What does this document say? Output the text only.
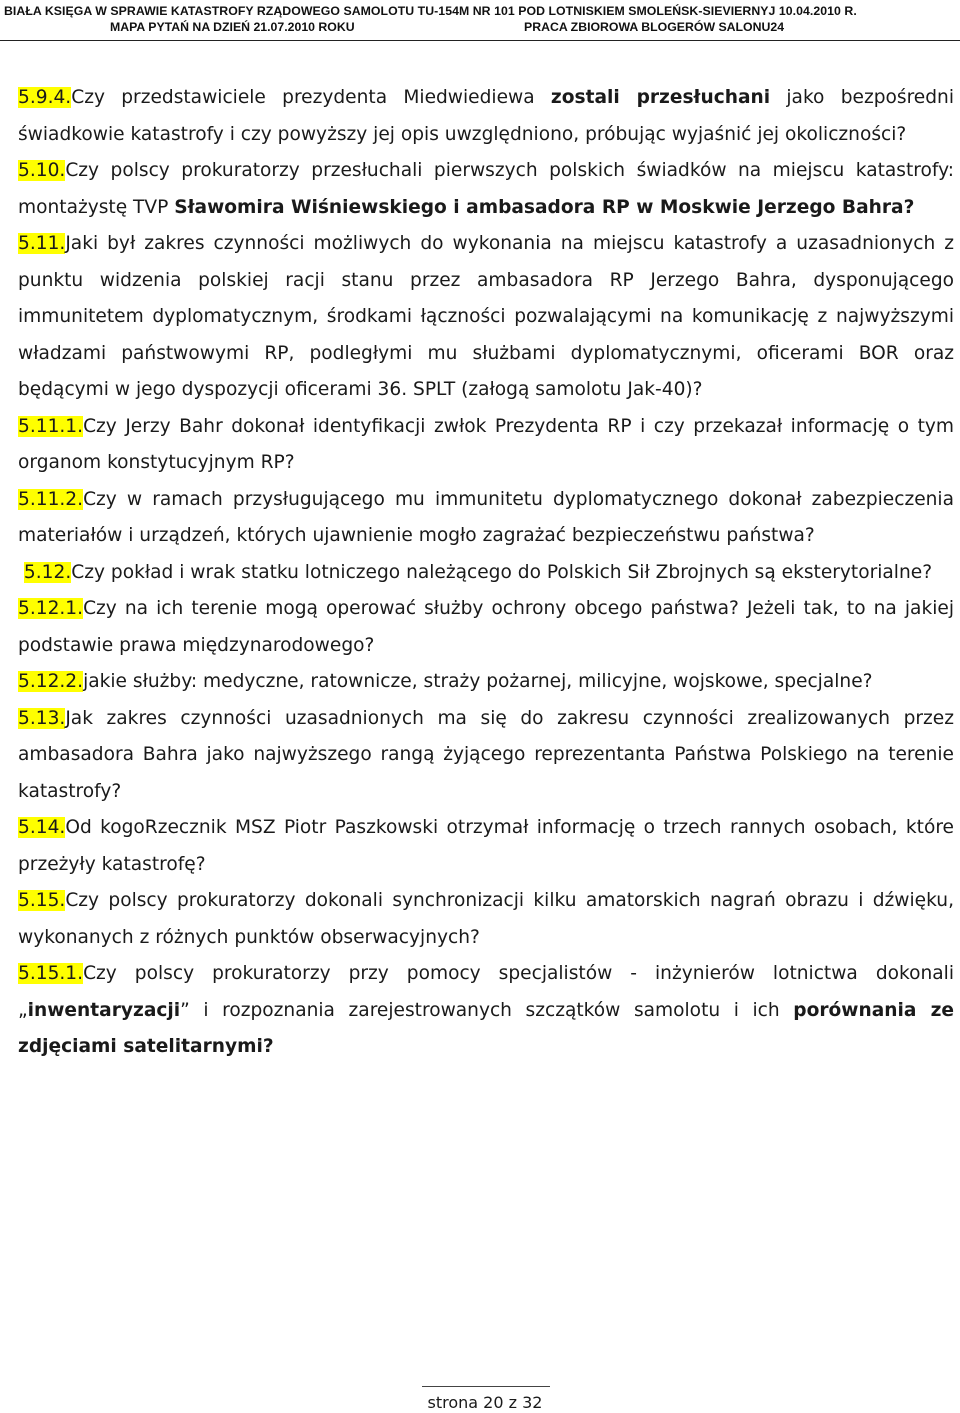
BIAŁA KSIĘGA W SPRAWIE KATASTROFY RZĄDOWEGO SAMOLOTU TU-154M NR 101 POD LOTNISKIEM SMOLEŃSK-SIEVIERNYJ 10.04.2010 R.
MAPA PYTAŃ NA DZIEŃ 21.07.2010 ROKU	PRACA ZBIOROWA BLOGERÓW SALONU24

5.9.4.Czy przedstawiciele prezydenta Miedwiediewa zostali przesłuchani jako bezpośredni świadkowie katastrofy i czy powyższy jej opis uwzględniono, próbując wyjaśnić jej okoliczności?

5.10.Czy polscy prokuratorzy przesłuchali pierwszych polskich świadków na miejscu katastrofy: montażystę TVP Sławomira Wiśniewskiego i ambasadora RP w Moskwie Jerzego Bahra?

5.11.Jaki był zakres czynności możliwych do wykonania na miejscu katastrofy a uzasadnionych z punktu widzenia polskiej racji stanu przez ambasadora RP Jerzego Bahra, dysponującego immunitetem dyplomatycznym, środkami łączności pozwalającymi na komunikację z najwyższymi władzami państwowymi RP, podległymi mu służbami dyplomatycznymi, oficerami BOR oraz będącymi w jego dyspozycji oficerami 36. SPLT (załogą samolotu Jak-40)?

5.11.1.Czy Jerzy Bahr dokonał identyfikacji zwłok Prezydenta RP i czy przekazał informację o tym organom konstytucyjnym RP?

5.11.2.Czy w ramach przysługującego mu immunitetu dyplomatycznego dokonał zabezpieczenia materiałów i urządzeń, których ujawnienie mogło zagrażać bezpieczeństwu państwa?

5.12.Czy pokład i wrak statku lotniczego należącego do Polskich Sił Zbrojnych są eksterytorialne?

5.12.1.Czy na ich terenie mogą operować służby ochrony obcego państwa? Jeżeli tak, to na jakiej podstawie prawa międzynarodowego?

5.12.2.jakie służby: medyczne, ratownicze, straży pożarnej, milicyjne, wojskowe, specjalne?

5.13.Jak zakres czynności uzasadnionych ma się do zakresu czynności zrealizowanych przez ambasadora Bahra jako najwyższego rangą żyjącego reprezentanta Państwa Polskiego na terenie katastrofy?

5.14.Od kogoRzecznik MSZ Piotr Paszkowski otrzymał informację o trzech rannych osobach, które przeżyły katastrofę?

5.15.Czy polscy prokuratorzy dokonali synchronizacji kilku amatorskich nagrań obrazu i dźwięku, wykonanych z różnych punktów obserwacyjnych?

5.15.1.Czy polscy prokuratorzy przy pomocy specjalistów - inżynierów lotnictwa dokonali „inwentaryzacji” i rozpoznania zarejestrowanych szczątków samolotu i ich porównania ze zdjęciami satelitarnymi?

strona 20 z 32
